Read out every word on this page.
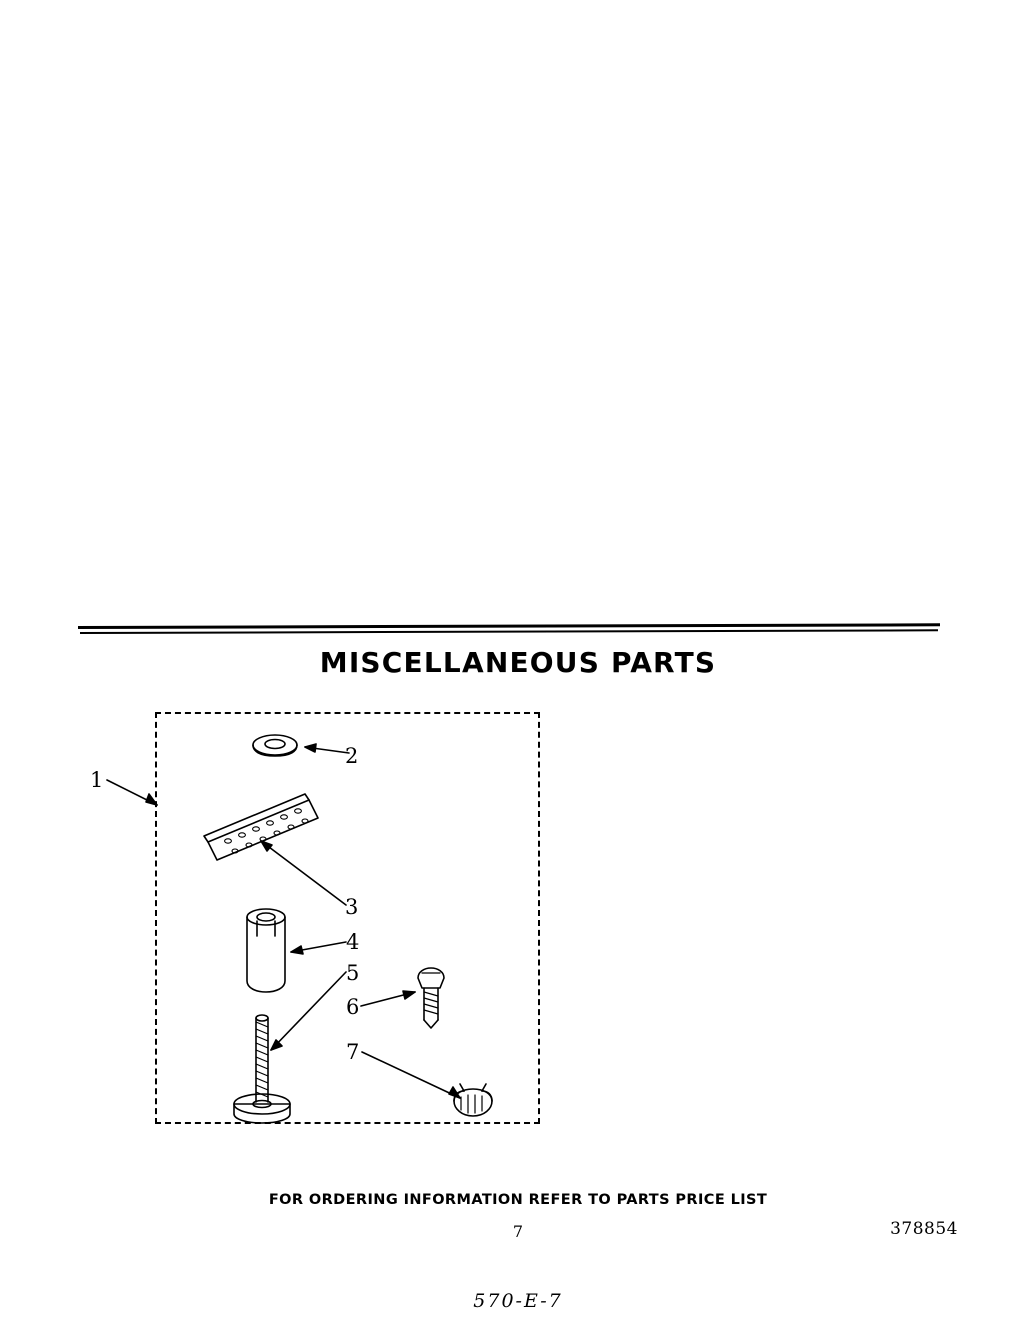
MISCELLANEOUS PARTS
1
2
3
4
5
6
7
FOR ORDERING INFORMATION REFER TO PARTS PRICE LIST
7	378854
570-E-7
